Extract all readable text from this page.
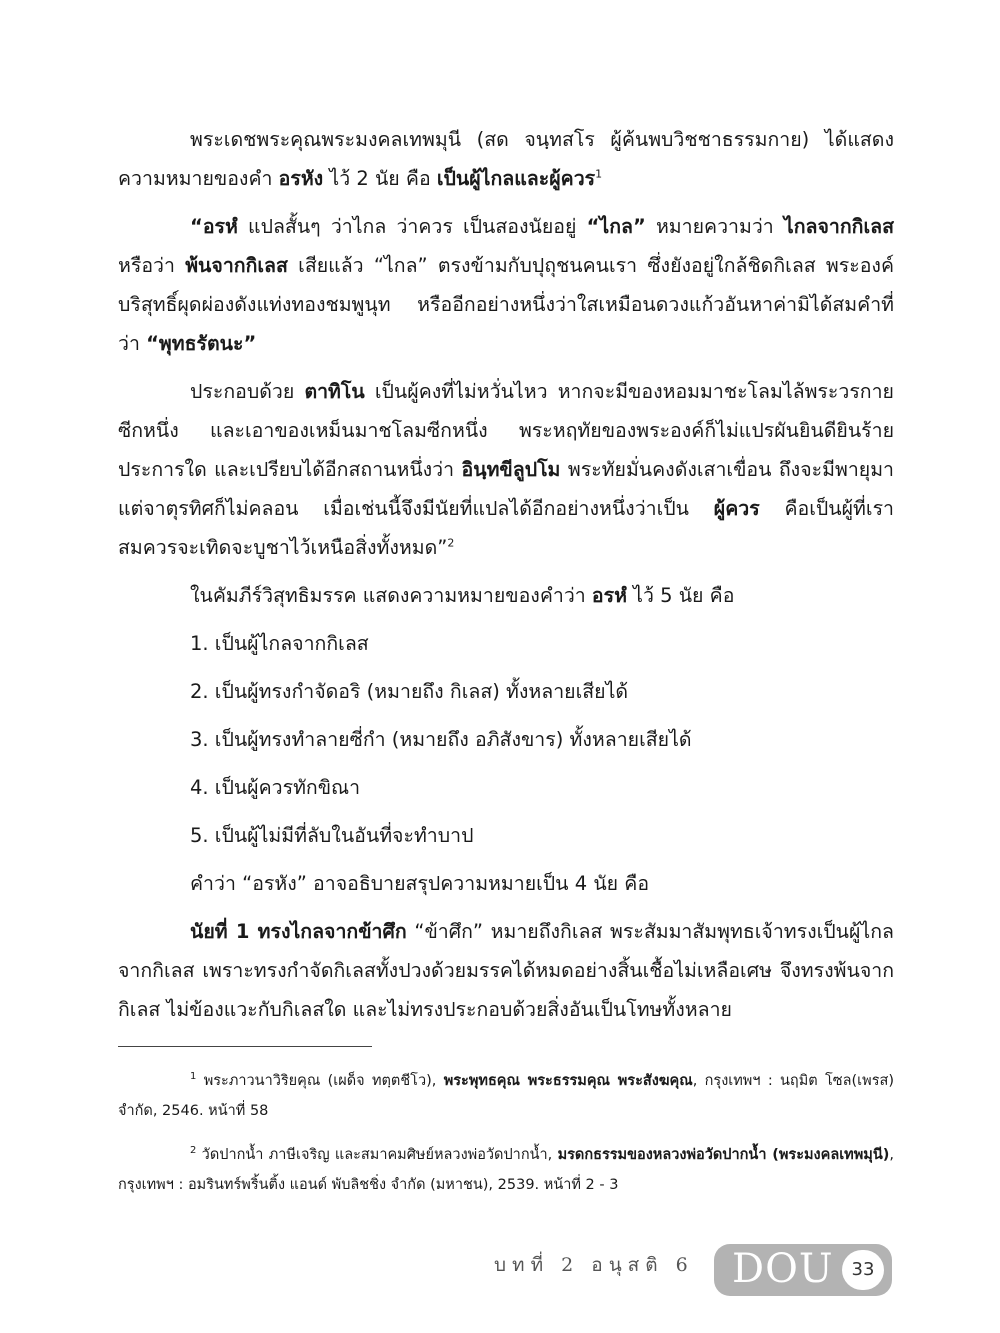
พระเดชพระคุณพระมงคลเทพมุนี (สด จนฺทสโร ผู้ค้นพบวิชชาธรรมกาย) ได้แสดงความหมายของคำ อรหัง ไว้ 2 นัย คือ เป็นผู้ไกลและผู้ควร$^1$

“อรหํ แปลสั้นๆ ว่าไกล ว่าควร เป็นสองนัยอยู่ “ไกล” หมายความว่า ไกลจากกิเลส หรือว่า พ้นจากกิเลส เสียแล้ว “ไกล” ตรงข้ามกับปุถุชนคนเรา ซึ่งยังอยู่ใกล้ชิดกิเลส พระองค์บริสุทธิ์ผุดผ่องดังแท่งทองชมพูนุท หรืออีกอย่างหนึ่งว่าใสเหมือนดวงแก้วอันหาค่ามิได้สมคำที่ว่า “พุทธรัตนะ”

ประกอบด้วย ตาทิโน เป็นผู้คงที่ไม่หวั่นไหว หากจะมีของหอมมาชะโลมไล้พระวรกายซีกหนึ่ง และเอาของเหม็นมาชโลมซีกหนึ่ง พระหฤทัยของพระองค์ก็ไม่แปรผันยินดียินร้ายประการใด และเปรียบได้อีกสถานหนึ่งว่า อินฺทขีลูปโม พระทัยมั่นคงดังเสาเขื่อน ถึงจะมีพายุมาแต่จาตุรทิศก็ไม่คลอน เมื่อเช่นนี้จึงมีนัยที่แปลได้อีกอย่างหนึ่งว่าเป็น ผู้ควร คือเป็นผู้ที่เราสมควรจะเทิดจะบูชาไว้เหนือสิ่งทั้งหมด”$^2$

ในคัมภีร์วิสุทธิมรรค แสดงความหมายของคำว่า อรหํ ไว้ 5 นัย คือ

1. เป็นผู้ไกลจากกิเลส

2. เป็นผู้ทรงกำจัดอริ (หมายถึง กิเลส) ทั้งหลายเสียได้

3. เป็นผู้ทรงทำลายซี่กำ (หมายถึง อภิสังขาร) ทั้งหลายเสียได้

4. เป็นผู้ควรทักขิณา

5. เป็นผู้ไม่มีที่ลับในอันที่จะทำบาป

คำว่า “อรหัง” อาจอธิบายสรุปความหมายเป็น 4 นัย คือ

นัยที่ 1 ทรงไกลจากข้าศึก “ข้าศึก” หมายถึงกิเลส พระสัมมาสัมพุทธเจ้าทรงเป็นผู้ไกลจากกิเลส เพราะทรงกำจัดกิเลสทั้งปวงด้วยมรรคได้หมดอย่างสิ้นเชื้อไม่เหลือเศษ จึงทรงพ้นจากกิเลส ไม่ข้องแวะกับกิเลสใด และไม่ทรงประกอบด้วยสิ่งอันเป็นโทษทั้งหลาย

$^1$ พระภาวนาวิริยคุณ (เผด็จ ทตฺตชีโว), พระพุทธคุณ พระธรรมคุณ พระสังฆคุณ, กรุงเทพฯ : นฤมิต โซล(เพรส) จำกัด, 2546. หน้าที่ 58

$^2$ วัดปากน้ำ ภาษีเจริญ และสมาคมศิษย์หลวงพ่อวัดปากน้ำ, มรดกธรรมของหลวงพ่อวัดปากน้ำ (พระมงคลเทพมุนี), กรุงเทพฯ : อมรินทร์พริ้นติ้ง แอนด์ พับลิชชิ่ง จำกัด (มหาชน), 2539. หน้าที่ 2 - 3

บทที่ 2 อนุสติ 6 DOU 33
